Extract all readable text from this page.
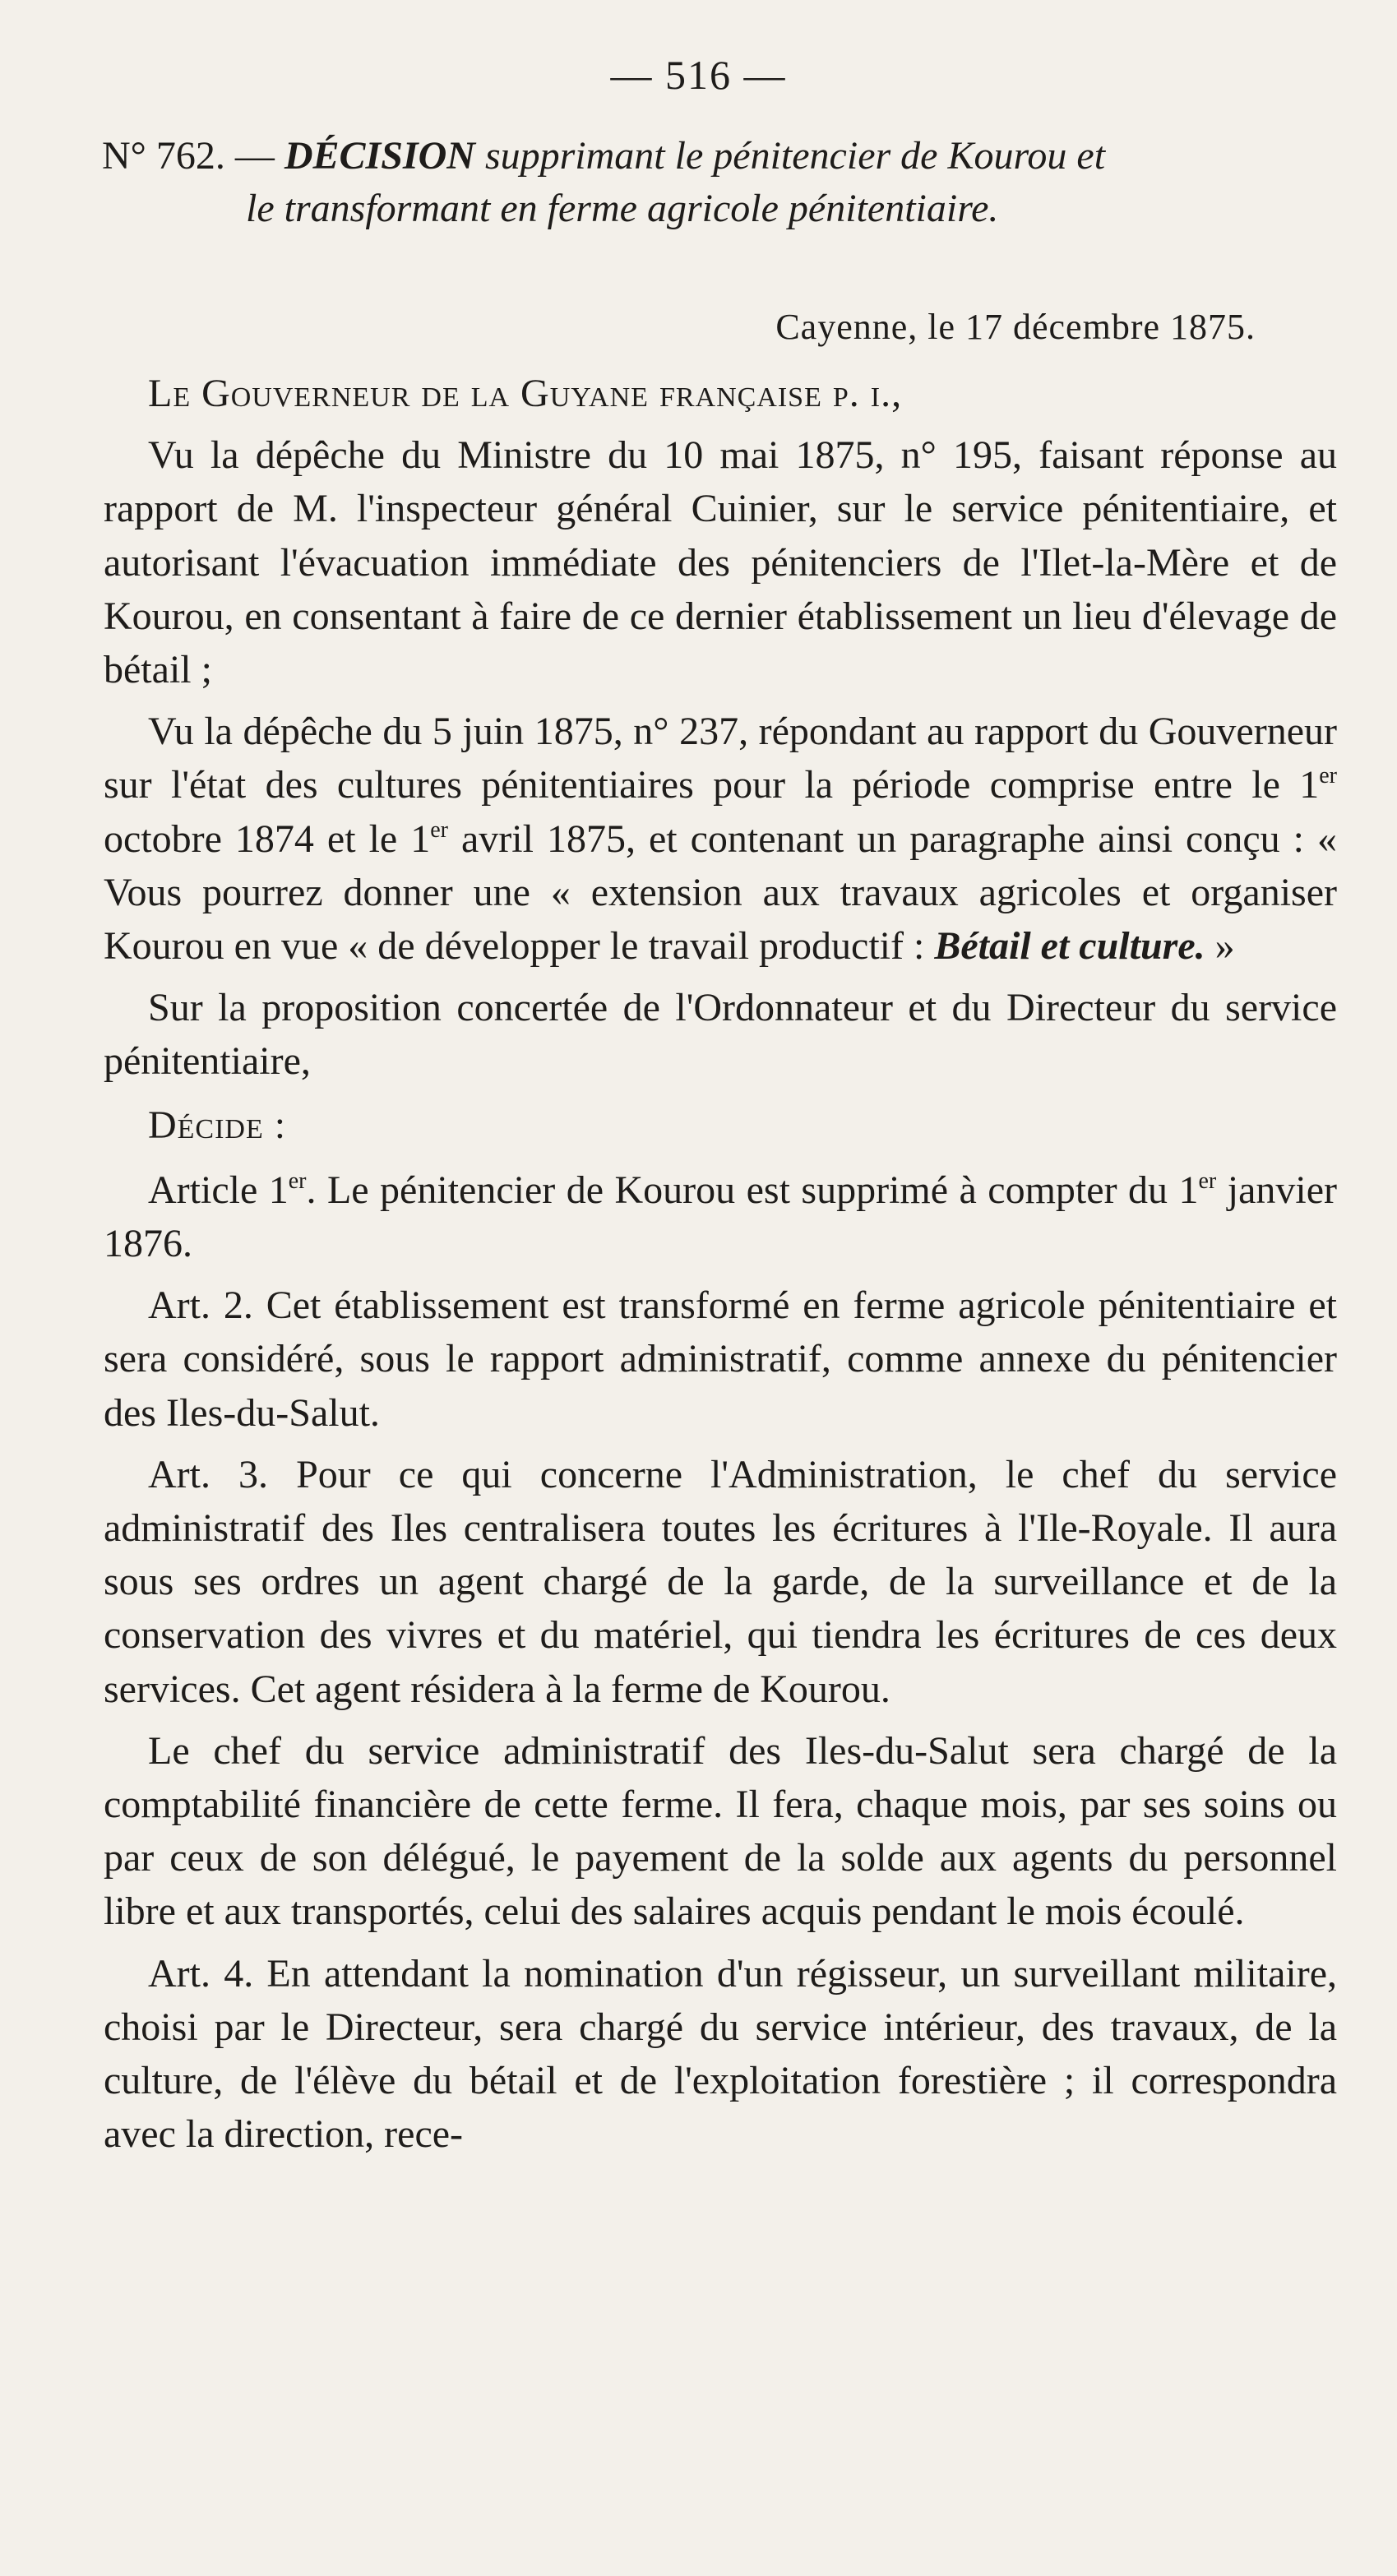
— 516 —
N° 762. — DÉCISION supprimant le pénitencier de Kourou et
le transformant en ferme agricole pénitentiaire.
Cayenne, le 17 décembre 1875.

Le Gouverneur de la Guyane française p. i.,

Vu la dépêche du Ministre du 10 mai 1875, n° 195, faisant réponse au rapport de M. l'inspecteur général Cuinier, sur le service pénitentiaire, et autorisant l'évacuation immédiate des pénitenciers de l'Ilet-la-Mère et de Kourou, en consentant à faire de ce dernier établissement un lieu d'élevage de bétail ;

Vu la dépêche du 5 juin 1875, n° 237, répondant au rapport du Gouverneur sur l'état des cultures pénitentiaires pour la période comprise entre le 1er octobre 1874 et le 1er avril 1875, et contenant un paragraphe ainsi conçu : « Vous pourrez donner une « extension aux travaux agricoles et organiser Kourou en vue « de développer le travail productif : Bétail et culture. »

Sur la proposition concertée de l'Ordonnateur et du Directeur du service pénitentiaire,

Décide :

Article 1er. Le pénitencier de Kourou est supprimé à compter du 1er janvier 1876.

Art. 2. Cet établissement est transformé en ferme agricole pénitentiaire et sera considéré, sous le rapport administratif, comme annexe du pénitencier des Iles-du-Salut.

Art. 3. Pour ce qui concerne l'Administration, le chef du service administratif des Iles centralisera toutes les écritures à l'Ile-Royale. Il aura sous ses ordres un agent chargé de la garde, de la surveillance et de la conservation des vivres et du matériel, qui tiendra les écritures de ces deux services. Cet agent résidera à la ferme de Kourou.

Le chef du service administratif des Iles-du-Salut sera chargé de la comptabilité financière de cette ferme. Il fera, chaque mois, par ses soins ou par ceux de son délégué, le payement de la solde aux agents du personnel libre et aux transportés, celui des salaires acquis pendant le mois écoulé.

Art. 4. En attendant la nomination d'un régisseur, un surveillant militaire, choisi par le Directeur, sera chargé du service intérieur, des travaux, de la culture, de l'élève du bétail et de l'exploitation forestière ; il correspondra avec la direction, rece-
